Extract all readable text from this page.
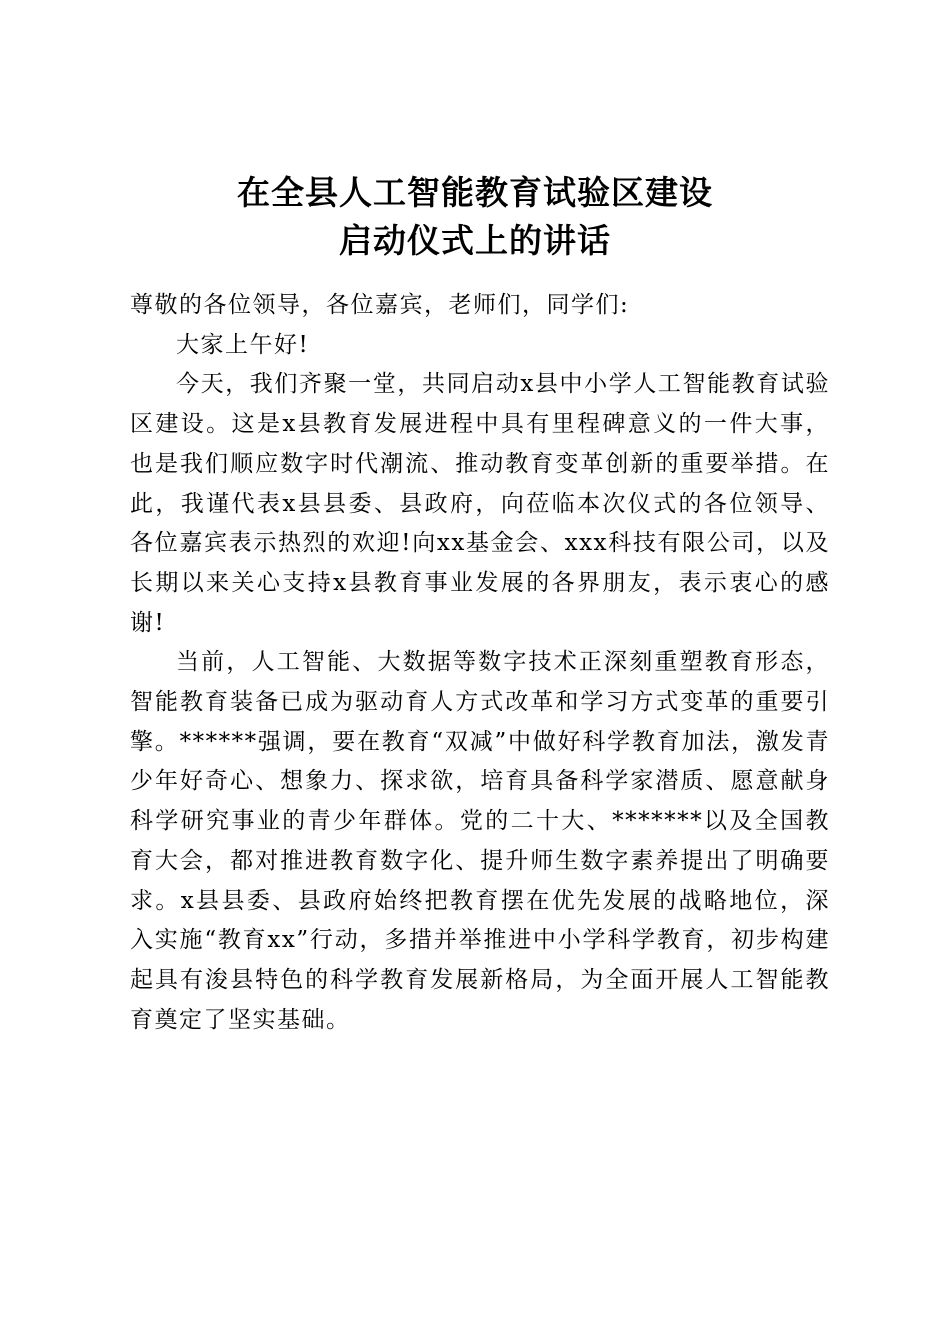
在全县人工智能教育试验区建设
启动仪式上的讲话

尊敬的各位领导，各位嘉宾，老师们，同学们:

大家上午好!

今天，我们齐聚一堂，共同启动x县中小学人工智能教育试验区建设。这是x县教育发展进程中具有里程碑意义的一件大事，也是我们顺应数字时代潮流、推动教育变革创新的重要举措。在此，我谨代表x县县委、县政府，向莅临本次仪式的各位领导、各位嘉宾表示热烈的欢迎!向xx基金会、xxx科技有限公司，以及长期以来关心支持x县教育事业发展的各界朋友，表示衷心的感谢!

当前，人工智能、大数据等数字技术正深刻重塑教育形态，智能教育装备已成为驱动育人方式改革和学习方式变革的重要引擎。******强调，要在教育“双减”中做好科学教育加法，激发青少年好奇心、想象力、探求欲，培育具备科学家潜质、愿意献身科学研究事业的青少年群体。党的二十大、*******以及全国教育大会，都对推进教育数字化、提升师生数字素养提出了明确要求。x县县委、县政府始终把教育摆在优先发展的战略地位，深入实施“教育xx”行动，多措并举推进中小学科学教育，初步构建起具有浚县特色的科学教育发展新格局，为全面开展人工智能教育奠定了坚实基础。
